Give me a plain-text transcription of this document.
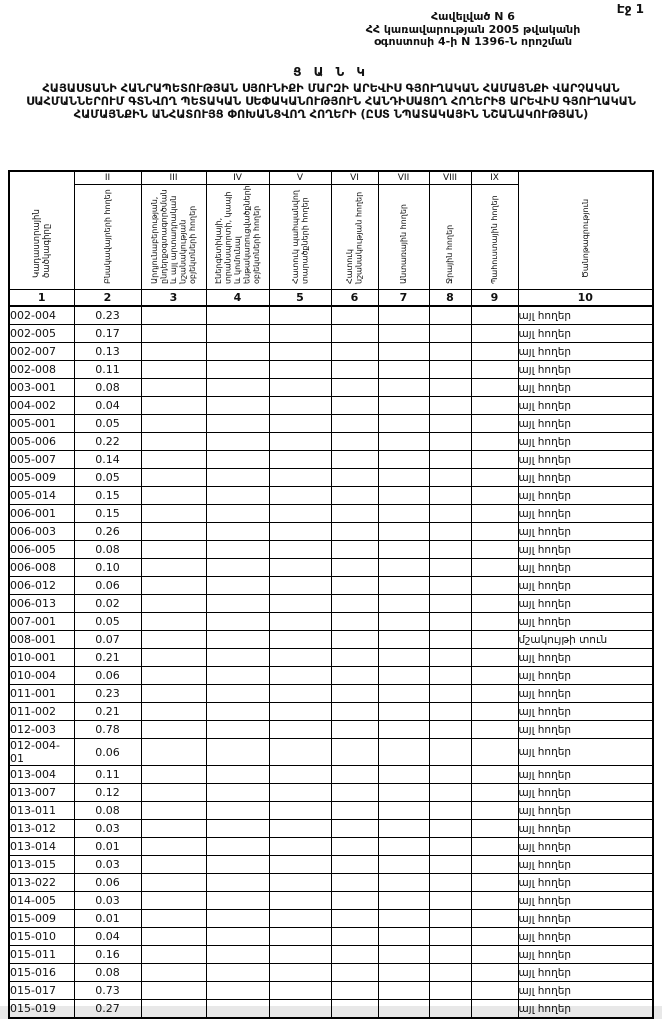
Էջ 1
Հավելված N 6
ՀՀ կառավարության 2005 թվականի
օգոստոսի 4-ի N 1396-Ն որոշման
Ց Ա Ն Կ
ՀԱՅԱՍՏԱՆԻ ՀԱՆՐԱՊԵՏՈՒԹՅԱՆ ՍՅՈՒՆԻՔԻ ՄԱՐԶԻ ԱՐԵՎԻՍ ԳՅՈՒՂԱԿԱՆ ՀԱՄԱՅՆՔԻ ՎԱՐՉԱԿԱՆ ՍԱՀՄԱՆՆԵՐՈՒՄ ԳՏՆՎՈՂ ՊԵՏԱԿԱՆ ՍԵՓԱԿԱՆՈՒԹՅՈՒՆ ՀԱՆԴԻՍԱՑՈՂ ՀՈՂԵՐԻՑ ԱՐԵՎԻՍ ԳՅՈՒՂԱԿԱՆ ՀԱՄԱՅՆՔԻՆ ԱՆՀԱՏՈՒՅՑ ՓՈԽԱՆՑՎՈՂ ՀՈՂԵՐԻ (ԸՍՏ ՆՊԱՏԱԿԱՅԻՆ ՆՇԱՆԱԿՈՒԹՅԱՆ)
Կադաստրային ծածկագիրը	II	III	IV	V	VI	VII	VIII	IX	Ծանոթագրություն
	Բնակավայրերի հողեր	Արդյունաբերության, ընդերքօգտագործման և այլ արտադրական նշանակության օբյեկտների հողեր	Էներգետիկայի, տրանսպորտի, կապի և կոմունալ ենթակառուցվածքների օբյեկտների հողեր	Հատուկ պահպանվող տարածքների հողեր	Հատուկ նշանակության հողեր	Անտառային հողեր	Ջրային հողեր	Պահուստային հողեր	
1	2	3	4	5	6	7	8	9	10
002-004	0.23								այլ հողեր
002-005	0.17								այլ հողեր
002-007	0.13								այլ հողեր
002-008	0.11								այլ հողեր
003-001	0.08								այլ հողեր
004-002	0.04								այլ հողեր
005-001	0.05								այլ հողեր
005-006	0.22								այլ հողեր
005-007	0.14								այլ հողեր
005-009	0.05								այլ հողեր
005-014	0.15								այլ հողեր
006-001	0.15								այլ հողեր
006-003	0.26								այլ հողեր
006-005	0.08								այլ հողեր
006-008	0.10								այլ հողեր
006-012	0.06								այլ հողեր
006-013	0.02								այլ հողեր
007-001	0.05								այլ հողեր
008-001	0.07								մշակույթի տուն
010-001	0.21								այլ հողեր
010-004	0.06								այլ հողեր
011-001	0.23								այլ հողեր
011-002	0.21								այլ հողեր
012-003	0.78								այլ հողեր
012-004-01	0.06								այլ հողեր
013-004	0.11								այլ հողեր
013-007	0.12								այլ հողեր
013-011	0.08								այլ հողեր
013-012	0.03								այլ հողեր
013-014	0.01								այլ հողեր
013-015	0.03								այլ հողեր
013-022	0.06								այլ հողեր
014-005	0.03								այլ հողեր
015-009	0.01								այլ հողեր
015-010	0.04								այլ հողեր
015-011	0.16								այլ հողեր
015-016	0.08								այլ հողեր
015-017	0.73								այլ հողեր
015-019	0.27								այլ հողեր
